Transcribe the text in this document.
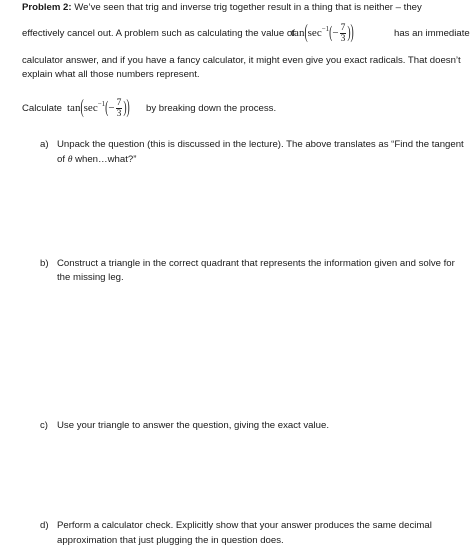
Problem 2: We’ve seen that trig and inverse trig together result in a thing that is neither – they
effectively cancel out. A problem such as calculating the value of
$\tan(\sec^{-1}(- \frac{7}{3}$ ))	has an immediate
calculator answer, and if you have a fancy calculator, it might even give you exact radicals. That doesn’t
explain what all those numbers represent.
Calculate $\tan(\sec^{-1}(- \frac{7}{3}$ )) by breaking down the process.
a) Unpack the question (this is discussed in the lecture). The above translates as “Find the tangent
of θ when…what?”
b) Construct a triangle in the correct quadrant that represents the information given and solve for
the missing leg.
c) Use your triangle to answer the question, giving the exact value.
d) Perform a calculator check. Explicitly show that your answer produces the same decimal
approximation that just plugging the in question does.
